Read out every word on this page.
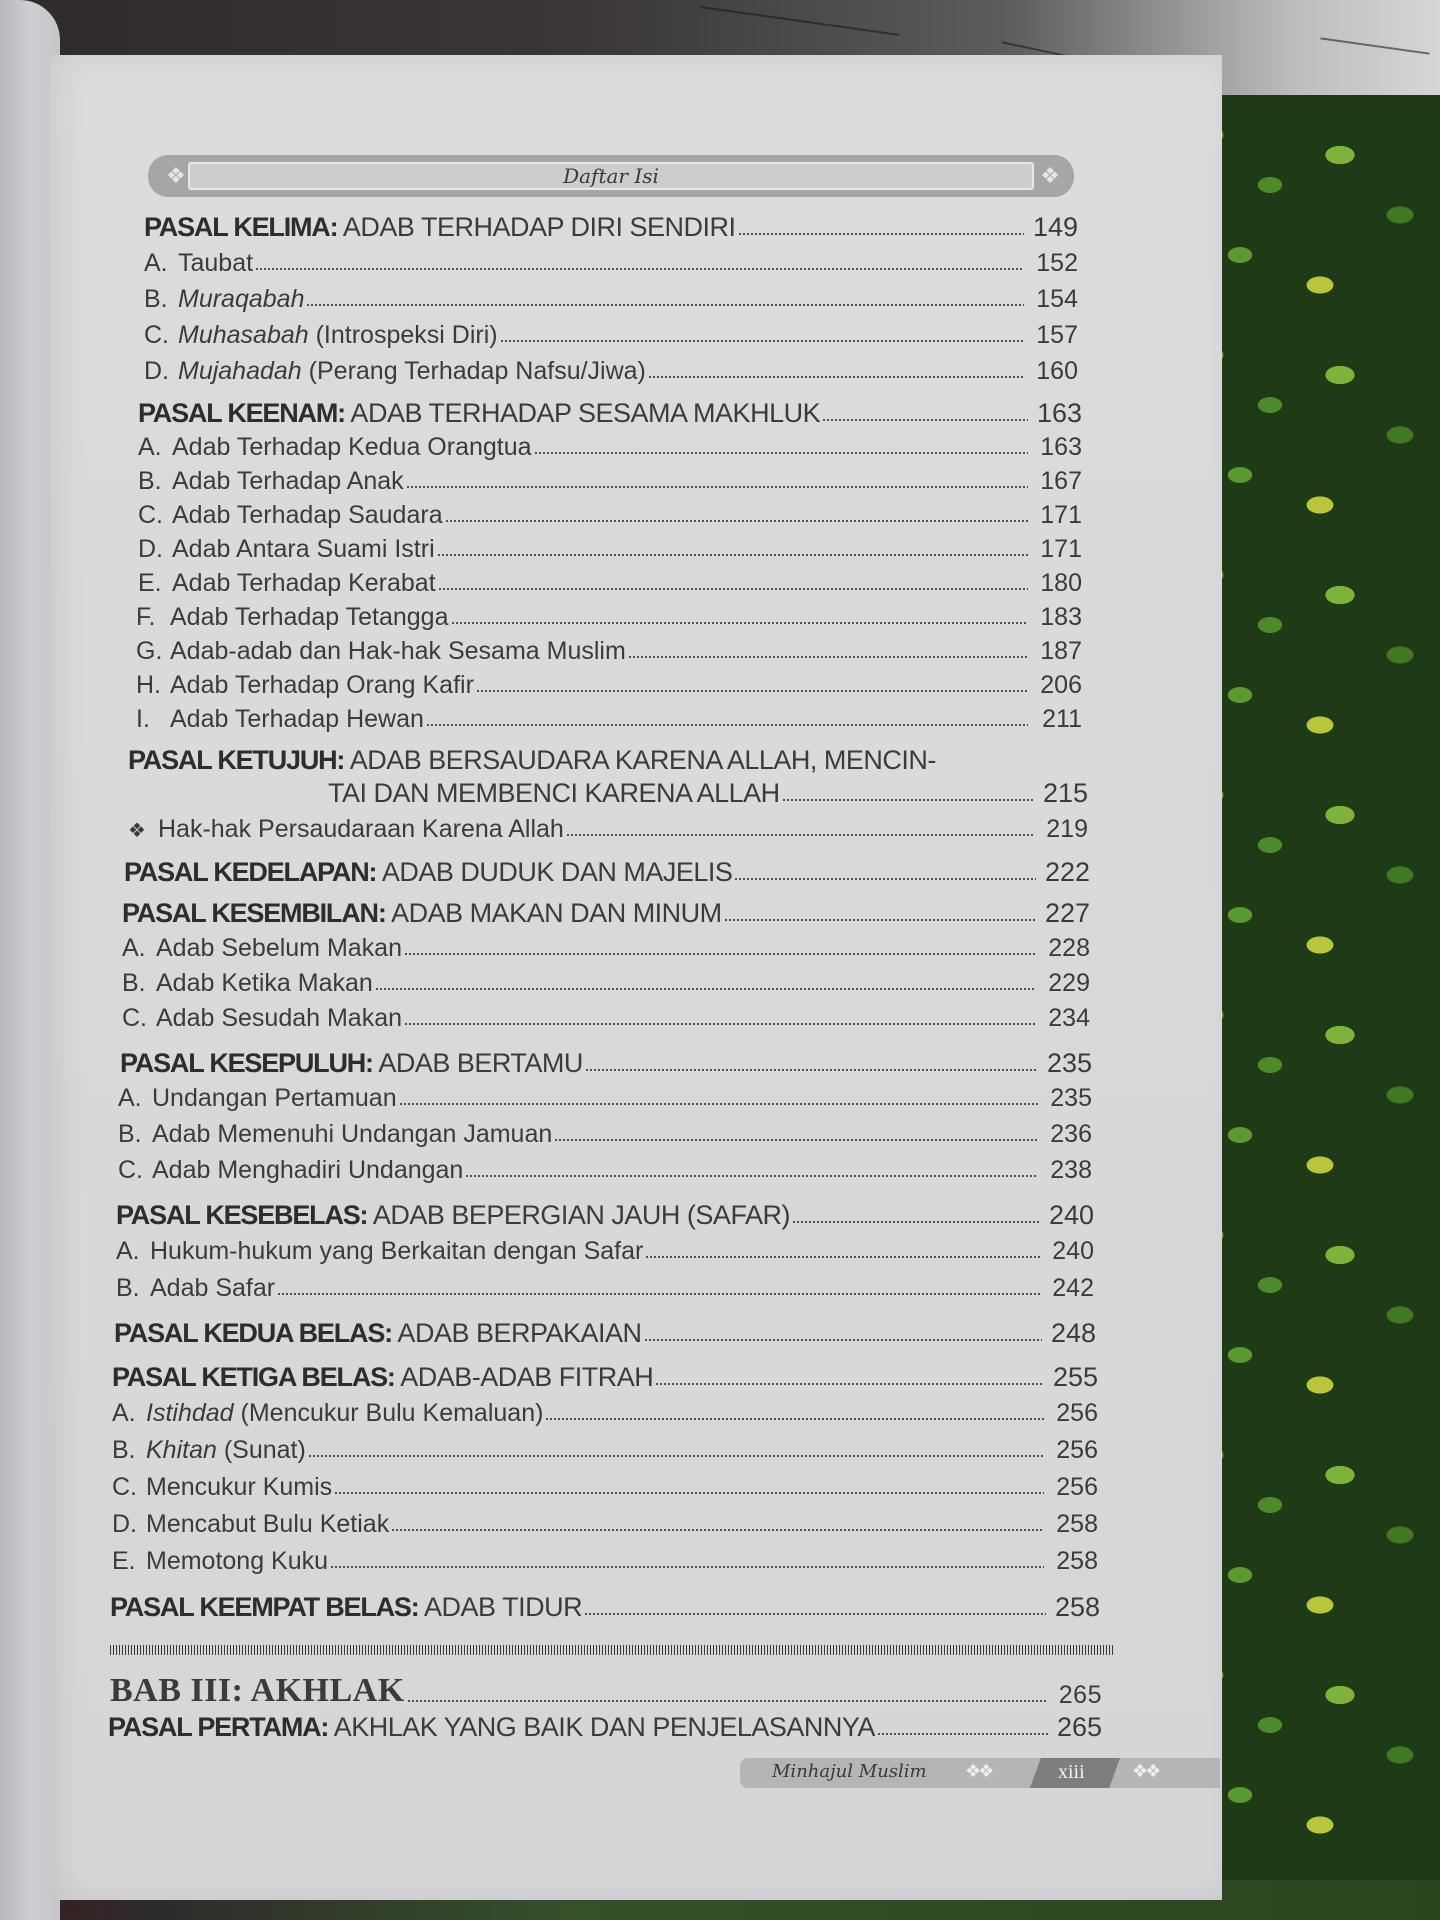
❖	Daftar Isi	❖
PASAL KELIMA: ADAB TERHADAP DIRI SENDIRI	149
A. Taubat	152
B. Muraqabah	154
C. Muhasabah (Introspeksi Diri)	157
D. Mujahadah (Perang Terhadap Nafsu/Jiwa)	160
PASAL KEENAM: ADAB TERHADAP SESAMA MAKHLUK	163
A. Adab Terhadap Kedua Orangtua	163
B. Adab Terhadap Anak	167
C. Adab Terhadap Saudara	171
D. Adab Antara Suami Istri	171
E. Adab Terhadap Kerabat	180
F. Adab Terhadap Tetangga	183
G. Adab-adab dan Hak-hak Sesama Muslim	187
H. Adab Terhadap Orang Kafir	206
I. Adab Terhadap Hewan	211
PASAL KETUJUH: ADAB BERSAUDARA KARENA ALLAH, MENCIN-
TAI DAN MEMBENCI KARENA ALLAH	215
❖ Hak-hak Persaudaraan Karena Allah	219
PASAL KEDELAPAN: ADAB DUDUK DAN MAJELIS	222
PASAL KESEMBILAN: ADAB MAKAN DAN MINUM	227
A. Adab Sebelum Makan	228
B. Adab Ketika Makan	229
C. Adab Sesudah Makan	234
PASAL KESEPULUH: ADAB BERTAMU	235
A. Undangan Pertamuan	235
B. Adab Memenuhi Undangan Jamuan	236
C. Adab Menghadiri Undangan	238
PASAL KESEBELAS: ADAB BEPERGIAN JAUH (SAFAR)	240
A. Hukum-hukum yang Berkaitan dengan Safar	240
B. Adab Safar	242
PASAL KEDUA BELAS: ADAB BERPAKAIAN	248
PASAL KETIGA BELAS: ADAB-ADAB FITRAH	255
A. Istihdad (Mencukur Bulu Kemaluan)	256
B. Khitan (Sunat)	256
C. Mencukur Kumis	256
D. Mencabut Bulu Ketiak	258
E. Memotong Kuku	258
PASAL KEEMPAT BELAS: ADAB TIDUR	258
BAB III: AKHLAK	265
PASAL PERTAMA: AKHLAK YANG BAIK DAN PENJELASANNYA	265
Minhajul Muslim ❖❖	xiii	❖❖
